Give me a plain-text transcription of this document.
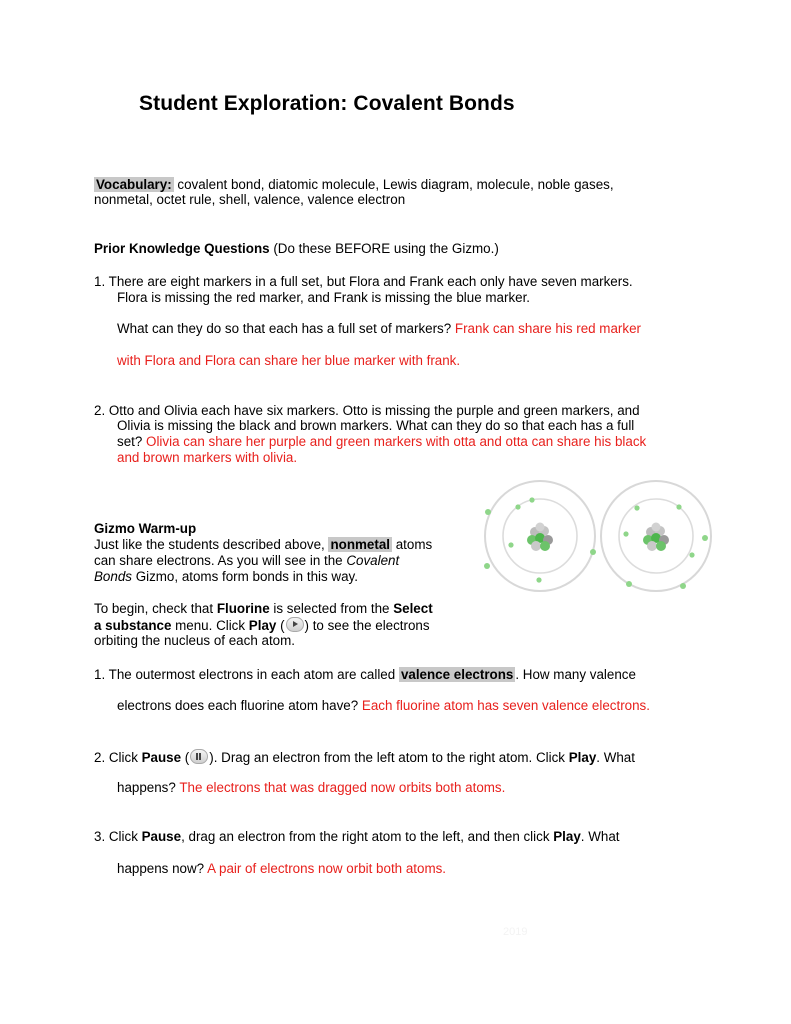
Student Exploration: Covalent Bonds
Vocabulary: covalent bond, diatomic molecule, Lewis diagram, molecule, noble gases,
nonmetal, octet rule, shell, valence, valence electron
Prior Knowledge Questions (Do these BEFORE using the Gizmo.)
1. There are eight markers in a full set, but Flora and Frank each only have seven markers.
Flora is missing the red marker, and Frank is missing the blue marker.
What can they do so that each has a full set of markers? Frank can share his red marker
with Flora and Flora can share her blue marker with frank.
2. Otto and Olivia each have six markers. Otto is missing the purple and green markers, and
Olivia is missing the black and brown markers. What can they do so that each has a full
set? Olivia can share her purple and green markers with otta and otta can share his black
and brown markers with olivia.
Gizmo Warm-up
Just like the students described above, nonmetal atoms
can share electrons. As you will see in the Covalent
Bonds Gizmo, atoms form bonds in this way.
To begin, check that Fluorine is selected from the Select
a substance menu. Click Play ( ) to see the electrons
orbiting the nucleus of each atom.
1. The outermost electrons in each atom are called valence electrons . How many valence
electrons does each fluorine atom have? Each fluorine atom has seven valence electrons.
2. Click Pause ( ). Drag an electron from the left atom to the right atom. Click Play. What
happens? The electrons that was dragged now orbits both atoms.
3. Click Pause, drag an electron from the right atom to the left, and then click Play. What
happens now? A pair of electrons now orbit both atoms.
2019
